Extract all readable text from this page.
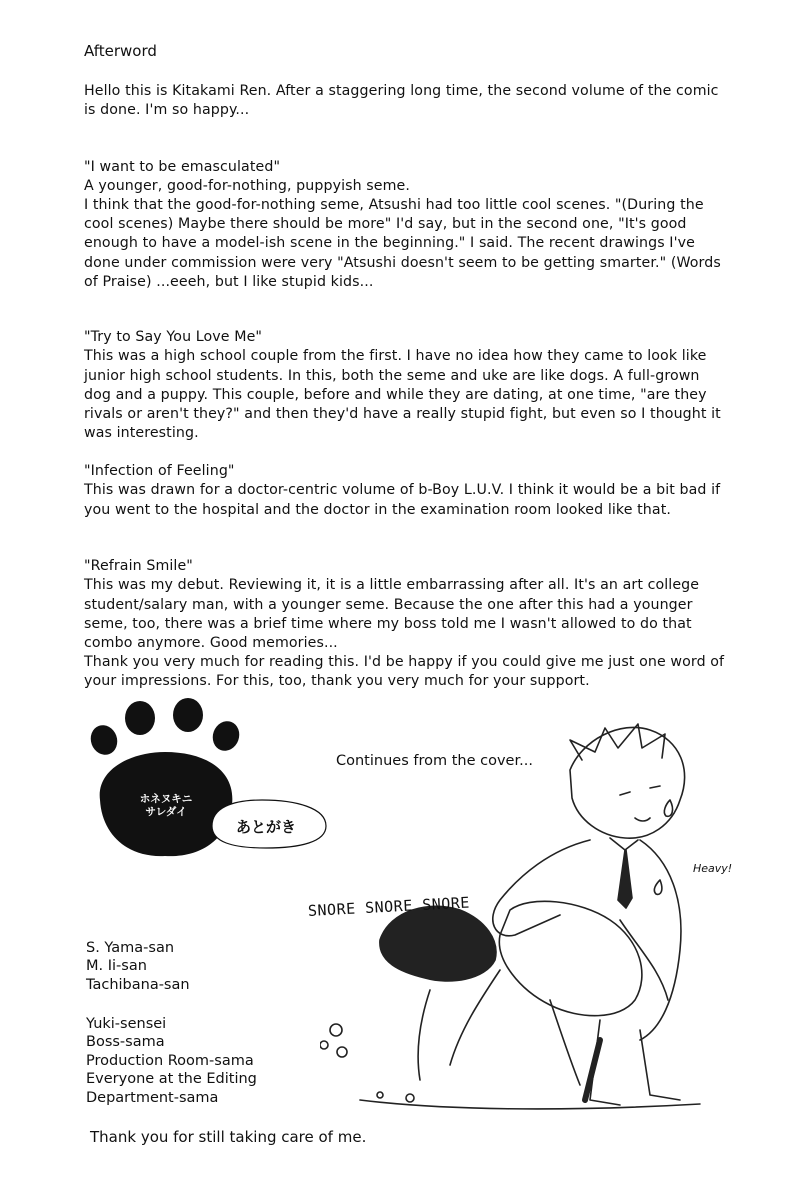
Afterword

Hello this is Kitakami Ren. After a staggering long time, the second volume of the comic is done. I'm so happy...

"I want to be emasculated"
A younger, good-for-nothing, puppyish seme.

I think that the good-for-nothing seme, Atsushi had too little cool scenes. "(During the cool scenes) Maybe there should be more" I'd say, but in the second one, "It's good enough to have a model-ish scene in the beginning." I said. The recent drawings I've done under commission were very "Atsushi doesn't seem to be getting smarter." (Words of Praise) ...eeeh, but I like stupid kids...

"Try to Say You Love Me"
This was a high school couple from the first. I have no idea how they came to look like junior high school students. In this, both the seme and uke are like dogs. A full-grown dog and a puppy. This couple, before and while they are dating, at one time, "are they rivals or aren't they?" and then they'd have a really stupid fight, but even so I thought it was interesting.

"Infection of Feeling"
This was drawn for a doctor-centric volume of b-Boy L.U.V. I think it would be a bit bad if you went to the hospital and the doctor in the examination room looked like that.

"Refrain Smile"
This was my debut. Reviewing it, it is a little embarrassing after all. It's an art college student/salary man, with a younger seme. Because the one after this had a younger seme, too, there was a brief time where my boss told me I wasn't allowed to do that combo anymore. Good memories...

Thank you very much for reading this. I'd be happy if you could give me just one word of your impressions. For this, too, thank you very much for your support.

ホネヌキニ
サレダイ
あとがき
Continues from the cover...
Heavy!
SNORE SNORE SNORE
S. Yama-san
M. Ii-san
Tachibana-san
Yuki-sensei
Boss-sama
Production Room-sama
Everyone at the Editing
Department-sama
Thank you for still taking care of me.
